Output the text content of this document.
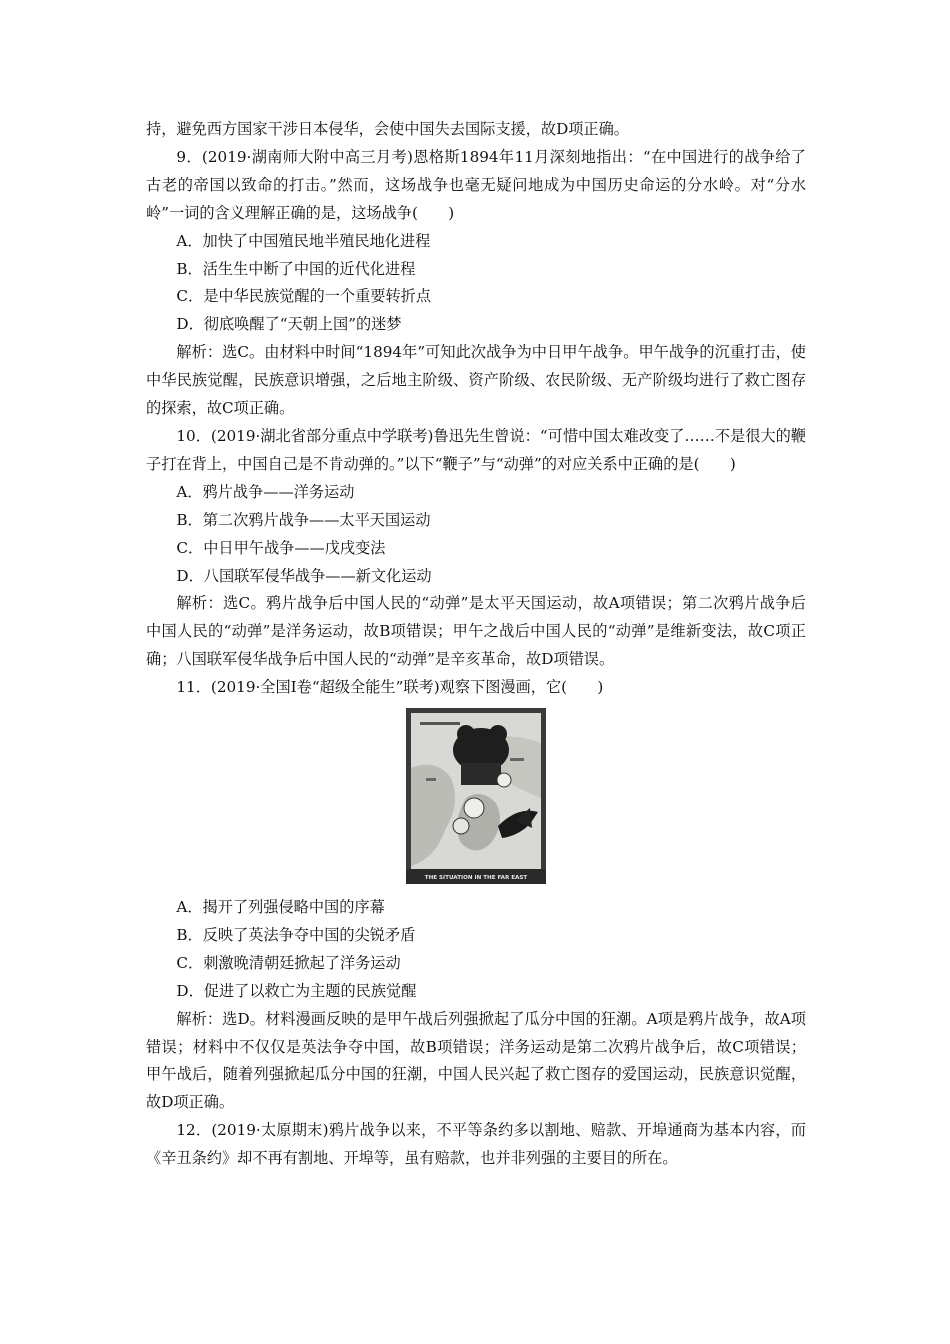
持，避免西方国家干涉日本侵华，会使中国失去国际支援，故D项正确。

9．(2019·湖南师大附中高三月考)恩格斯1894年11月深刻地指出：“在中国进行的战争给了古老的帝国以致命的打击。”然而，这场战争也毫无疑问地成为中国历史命运的分水岭。对“分水岭”一词的含义理解正确的是，这场战争(　　)

A．加快了中国殖民地半殖民地化进程

B．活生生中断了中国的近代化进程

C．是中华民族觉醒的一个重要转折点

D．彻底唤醒了“天朝上国”的迷梦

解析：选C。由材料中时间“1894年”可知此次战争为中日甲午战争。甲午战争的沉重打击，使中华民族觉醒，民族意识增强，之后地主阶级、资产阶级、农民阶级、无产阶级均进行了救亡图存的探索，故C项正确。

10．(2019·湖北省部分重点中学联考)鲁迅先生曾说：“可惜中国太难改变了……不是很大的鞭子打在背上，中国自己是不肯动弹的。”以下“鞭子”与“动弹”的对应关系中正确的是(　　)

A．鸦片战争——洋务运动

B．第二次鸦片战争——太平天国运动

C．中日甲午战争——戊戌变法

D．八国联军侵华战争——新文化运动

解析：选C。鸦片战争后中国人民的“动弹”是太平天国运动，故A项错误；第二次鸦片战争后中国人民的“动弹”是洋务运动，故B项错误；甲午之战后中国人民的“动弹”是维新变法，故C项正确；八国联军侵华战争后中国人民的“动弹”是辛亥革命，故D项错误。

11．(2019·全国Ⅰ卷“超级全能生”联考)观察下图漫画，它(　　)

THE SITUATION IN THE FAR EAST

A．揭开了列强侵略中国的序幕

B．反映了英法争夺中国的尖锐矛盾

C．刺激晚清朝廷掀起了洋务运动

D．促进了以救亡为主题的民族觉醒

解析：选D。材料漫画反映的是甲午战后列强掀起了瓜分中国的狂潮。A项是鸦片战争，故A项错误；材料中不仅仅是英法争夺中国，故B项错误；洋务运动是第二次鸦片战争后，故C项错误；甲午战后，随着列强掀起瓜分中国的狂潮，中国人民兴起了救亡图存的爱国运动，民族意识觉醒，故D项正确。

12．(2019·太原期末)鸦片战争以来，不平等条约多以割地、赔款、开埠通商为基本内容，而《辛丑条约》却不再有割地、开埠等，虽有赔款，也并非列强的主要目的所在。
